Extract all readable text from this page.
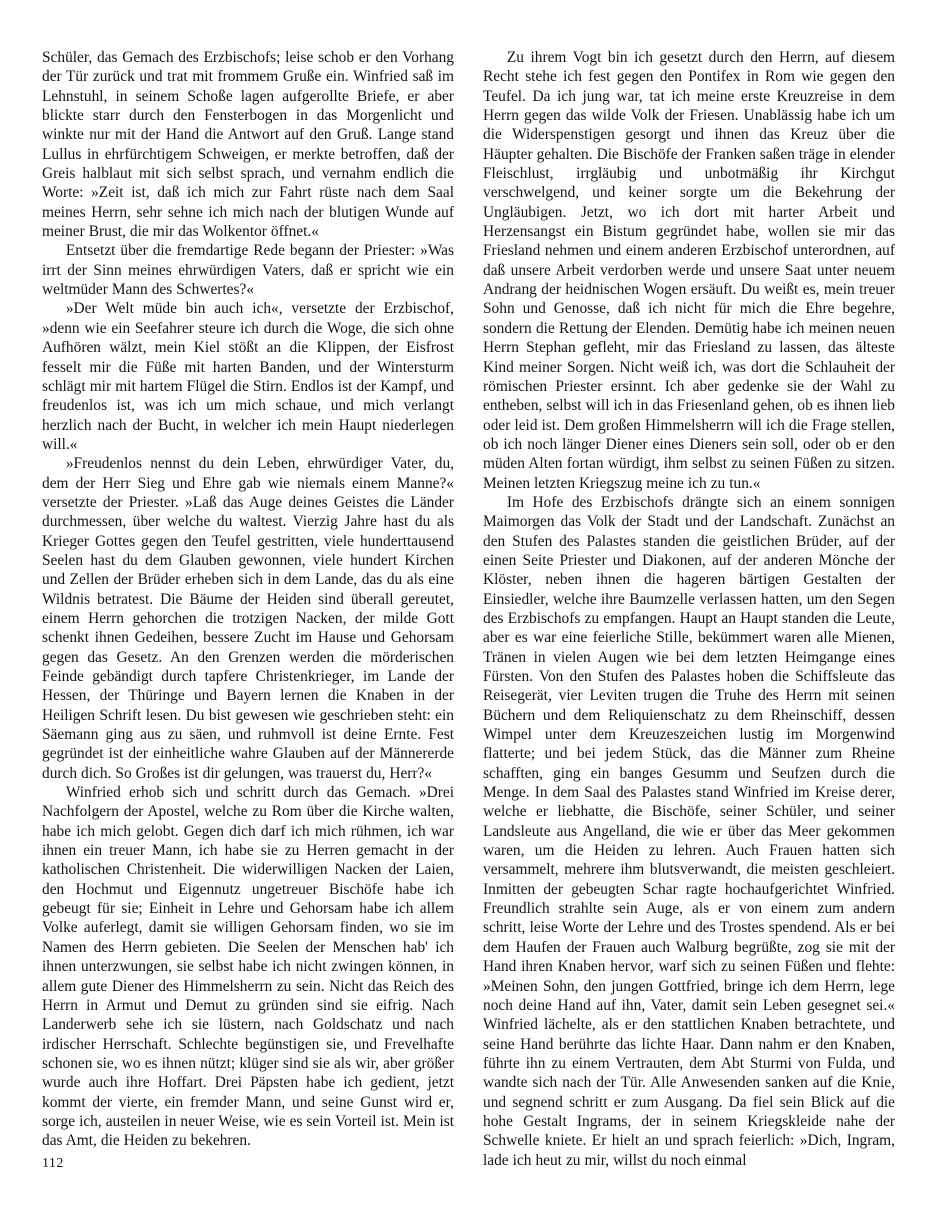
Schüler, das Gemach des Erzbischofs; leise schob er den Vorhang der Tür zurück und trat mit frommem Gruße ein. Winfried saß im Lehnstuhl, in seinem Schoße lagen aufgerollte Briefe, er aber blickte starr durch den Fensterbogen in das Morgenlicht und winkte nur mit der Hand die Antwort auf den Gruß. Lange stand Lullus in ehrfürchtigem Schweigen, er merkte betroffen, daß der Greis halblaut mit sich selbst sprach, und vernahm endlich die Worte: »Zeit ist, daß ich mich zur Fahrt rüste nach dem Saal meines Herrn, sehr sehne ich mich nach der blutigen Wunde auf meiner Brust, die mir das Wolkentor öffnet.«

Entsetzt über die fremdartige Rede begann der Priester: »Was irrt der Sinn meines ehrwürdigen Vaters, daß er spricht wie ein weltmüder Mann des Schwertes?«

»Der Welt müde bin auch ich«, versetzte der Erzbischof, »denn wie ein Seefahrer steure ich durch die Woge, die sich ohne Aufhören wälzt, mein Kiel stößt an die Klippen, der Eisfrost fesselt mir die Füße mit harten Banden, und der Wintersturm schlägt mir mit hartem Flügel die Stirn. Endlos ist der Kampf, und freudenlos ist, was ich um mich schaue, und mich verlangt herzlich nach der Bucht, in welcher ich mein Haupt niederlegen will.«

»Freudenlos nennst du dein Leben, ehrwürdiger Vater, du, dem der Herr Sieg und Ehre gab wie niemals einem Manne?« versetzte der Priester. »Laß das Auge deines Geistes die Länder durchmessen, über welche du waltest. Vierzig Jahre hast du als Krieger Gottes gegen den Teufel gestritten, viele hunderttausend Seelen hast du dem Glauben gewonnen, viele hundert Kirchen und Zellen der Brüder erheben sich in dem Lande, das du als eine Wildnis betratest. Die Bäume der Heiden sind überall gereutet, einem Herrn gehorchen die trotzigen Nacken, der milde Gott schenkt ihnen Gedeihen, bessere Zucht im Hause und Gehorsam gegen das Gesetz. An den Grenzen werden die mörderischen Feinde gebändigt durch tapfere Christenkrieger, im Lande der Hessen, der Thüringe und Bayern lernen die Knaben in der Heiligen Schrift lesen. Du bist gewesen wie geschrieben steht: ein Säemann ging aus zu säen, und ruhmvoll ist deine Ernte. Fest gegründet ist der einheitliche wahre Glauben auf der Männererde durch dich. So Großes ist dir gelungen, was trauerst du, Herr?«

Winfried erhob sich und schritt durch das Gemach. »Drei Nachfolgern der Apostel, welche zu Rom über die Kirche walten, habe ich mich gelobt. Gegen dich darf ich mich rühmen, ich war ihnen ein treuer Mann, ich habe sie zu Herren gemacht in der katholischen Christenheit. Die widerwilligen Nacken der Laien, den Hochmut und Eigennutz ungetreuer Bischöfe habe ich gebeugt für sie; Einheit in Lehre und Gehorsam habe ich allem Volke auferlegt, damit sie willigen Gehorsam finden, wo sie im Namen des Herrn gebieten. Die Seelen der Menschen hab' ich ihnen unterzwungen, sie selbst habe ich nicht zwingen können, in allem gute Diener des Himmelsherrn zu sein. Nicht das Reich des Herrn in Armut und Demut zu gründen sind sie eifrig. Nach Landerwerb sehe ich sie lüstern, nach Goldschatz und nach irdischer Herrschaft. Schlechte begünstigen sie, und Frevelhafte schonen sie, wo es ihnen nützt; klüger sind sie als wir, aber größer wurde auch ihre Hoffart. Drei Päpsten habe ich gedient, jetzt kommt der vierte, ein fremder Mann, und seine Gunst wird er, sorge ich, austeilen in neuer Weise, wie es sein Vorteil ist. Mein ist das Amt, die Heiden zu bekehren.

Zu ihrem Vogt bin ich gesetzt durch den Herrn, auf diesem Recht stehe ich fest gegen den Pontifex in Rom wie gegen den Teufel. Da ich jung war, tat ich meine erste Kreuzreise in dem Herrn gegen das wilde Volk der Friesen. Unablässig habe ich um die Widerspenstigen gesorgt und ihnen das Kreuz über die Häupter gehalten. Die Bischöfe der Franken saßen träge in elender Fleischlust, irrgläubig und unbotmäßig ihr Kirchgut verschwelgend, und keiner sorgte um die Bekehrung der Ungläubigen. Jetzt, wo ich dort mit harter Arbeit und Herzensangst ein Bistum gegründet habe, wollen sie mir das Friesland nehmen und einem anderen Erzbischof unterordnen, auf daß unsere Arbeit verdorben werde und unsere Saat unter neuem Andrang der heidnischen Wogen ersäuft. Du weißt es, mein treuer Sohn und Genosse, daß ich nicht für mich die Ehre begehre, sondern die Rettung der Elenden. Demütig habe ich meinen neuen Herrn Stephan gefleht, mir das Friesland zu lassen, das älteste Kind meiner Sorgen. Nicht weiß ich, was dort die Schlauheit der römischen Priester ersinnt. Ich aber gedenke sie der Wahl zu entheben, selbst will ich in das Friesenland gehen, ob es ihnen lieb oder leid ist. Dem großen Himmelsherrn will ich die Frage stellen, ob ich noch länger Diener eines Dieners sein soll, oder ob er den müden Alten fortan würdigt, ihm selbst zu seinen Füßen zu sitzen. Meinen letzten Kriegszug meine ich zu tun.«

Im Hofe des Erzbischofs drängte sich an einem sonnigen Maimorgen das Volk der Stadt und der Landschaft. Zunächst an den Stufen des Palastes standen die geistlichen Brüder, auf der einen Seite Priester und Diakonen, auf der anderen Mönche der Klöster, neben ihnen die hageren bärtigen Gestalten der Einsiedler, welche ihre Baumzelle verlassen hatten, um den Segen des Erzbischofs zu empfangen. Haupt an Haupt standen die Leute, aber es war eine feierliche Stille, bekümmert waren alle Mienen, Tränen in vielen Augen wie bei dem letzten Heimgange eines Fürsten. Von den Stufen des Palastes hoben die Schiffsleute das Reisegerät, vier Leviten trugen die Truhe des Herrn mit seinen Büchern und dem Reliquienschatz zu dem Rheinschiff, dessen Wimpel unter dem Kreuzeszeichen lustig im Morgenwind flatterte; und bei jedem Stück, das die Männer zum Rheine schafften, ging ein banges Gesumm und Seufzen durch die Menge. In dem Saal des Palastes stand Winfried im Kreise derer, welche er liebhatte, die Bischöfe, seiner Schüler, und seiner Landsleute aus Angelland, die wie er über das Meer gekommen waren, um die Heiden zu lehren. Auch Frauen hatten sich versammelt, mehrere ihm blutsverwandt, die meisten geschleiert. Inmitten der gebeugten Schar ragte hochaufgerichtet Winfried. Freundlich strahlte sein Auge, als er von einem zum andern schritt, leise Worte der Lehre und des Trostes spendend. Als er bei dem Haufen der Frauen auch Walburg begrüßte, zog sie mit der Hand ihren Knaben hervor, warf sich zu seinen Füßen und flehte: »Meinen Sohn, den jungen Gottfried, bringe ich dem Herrn, lege noch deine Hand auf ihn, Vater, damit sein Leben gesegnet sei.« Winfried lächelte, als er den stattlichen Knaben betrachtete, und seine Hand berührte das lichte Haar. Dann nahm er den Knaben, führte ihn zu einem Vertrauten, dem Abt Sturmi von Fulda, und wandte sich nach der Tür. Alle Anwesenden sanken auf die Knie, und segnend schritt er zum Ausgang. Da fiel sein Blick auf die hohe Gestalt Ingrams, der in seinem Kriegskleide nahe der Schwelle kniete. Er hielt an und sprach feierlich: »Dich, Ingram, lade ich heut zu mir, willst du noch einmal

112
